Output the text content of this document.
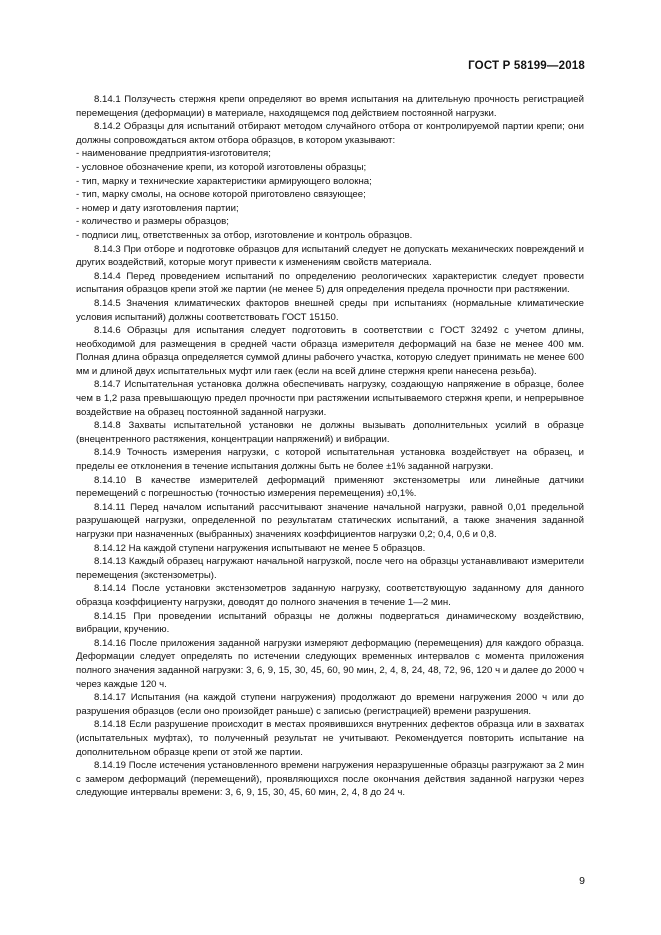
ГОСТ Р 58199—2018

8.14.1 Ползучесть стержня крепи определяют во время испытания на длительную прочность регистрацией перемещения (деформации) в материале, находящемся под действием постоянной нагрузки.

8.14.2 Образцы для испытаний отбирают методом случайного отбора от контролируемой партии крепи; они должны сопровождаться актом отбора образцов, в котором указывают:

- наименование предприятия-изготовителя;

- условное обозначение крепи, из которой изготовлены образцы;

- тип, марку и технические характеристики армирующего волокна;

- тип, марку смолы, на основе которой приготовлено связующее;

- номер и дату изготовления партии;

- количество и размеры образцов;

- подписи лиц, ответственных за отбор, изготовление и контроль образцов.

8.14.3 При отборе и подготовке образцов для испытаний следует не допускать механических повреждений и других воздействий, которые могут привести к изменениям свойств материала.

8.14.4 Перед проведением испытаний по определению реологических характеристик следует провести испытания образцов крепи этой же партии (не менее 5) для определения предела прочности при растяжении.

8.14.5 Значения климатических факторов внешней среды при испытаниях (нормальные климатические условия испытаний) должны соответствовать ГОСТ 15150.

8.14.6 Образцы для испытания следует подготовить в соответствии с ГОСТ 32492 с учетом длины, необходимой для размещения в средней части образца измерителя деформаций на базе не менее 400 мм. Полная длина образца определяется суммой длины рабочего участка, которую следует принимать не менее 600 мм и длиной двух испытательных муфт или гаек (если на всей длине стержня крепи нанесена резьба).

8.14.7 Испытательная установка должна обеспечивать нагрузку, создающую напряжение в образце, более чем в 1,2 раза превышающую предел прочности при растяжении испытываемого стержня крепи, и непрерывное воздействие на образец постоянной заданной нагрузки.

8.14.8 Захваты испытательной установки не должны вызывать дополнительных усилий в образце (внецентренного растяжения, концентрации напряжений) и вибрации.

8.14.9 Точность измерения нагрузки, с которой испытательная установка воздействует на образец, и пределы ее отклонения в течение испытания должны быть не более ±1% заданной нагрузки.

8.14.10 В качестве измерителей деформаций применяют экстензометры или линейные датчики перемещений с погрешностью (точностью измерения перемещения) ±0,1%.

8.14.11 Перед началом испытаний рассчитывают значение начальной нагрузки, равной 0,01 предельной разрушающей нагрузки, определенной по результатам статических испытаний, а также значения заданной нагрузки при назначенных (выбранных) значениях коэффициентов нагрузки 0,2; 0,4, 0,6 и 0,8.

8.14.12 На каждой ступени нагружения испытывают не менее 5 образцов.

8.14.13 Каждый образец нагружают начальной нагрузкой, после чего на образцы устанавливают измерители перемещения (экстензометры).

8.14.14 После установки экстензометров заданную нагрузку, соответствующую заданному для данного образца коэффициенту нагрузки, доводят до полного значения в течение 1—2 мин.

8.14.15 При проведении испытаний образцы не должны подвергаться динамическому воздействию, вибрации, кручению.

8.14.16 После приложения заданной нагрузки измеряют деформацию (перемещения) для каждого образца. Деформации следует определять по истечении следующих временных интервалов с момента приложения полного значения заданной нагрузки: 3, 6, 9, 15, 30, 45, 60, 90 мин, 2, 4, 8, 24, 48, 72, 96, 120 ч и далее до 2000 ч через каждые 120 ч.

8.14.17 Испытания (на каждой ступени нагружения) продолжают до времени нагружения 2000 ч или до разрушения образцов (если оно произойдет раньше) с записью (регистрацией) времени разрушения.

8.14.18 Если разрушение происходит в местах проявившихся внутренних дефектов образца или в захватах (испытательных муфтах), то полученный результат не учитывают. Рекомендуется повторить испытание на дополнительном образце крепи от этой же партии.

8.14.19 После истечения установленного времени нагружения неразрушенные образцы разгружают за 2 мин с замером деформаций (перемещений), проявляющихся после окончания действия заданной нагрузки через следующие интервалы времени: 3, 6, 9, 15, 30, 45, 60 мин, 2, 4, 8 до 24 ч.

9
